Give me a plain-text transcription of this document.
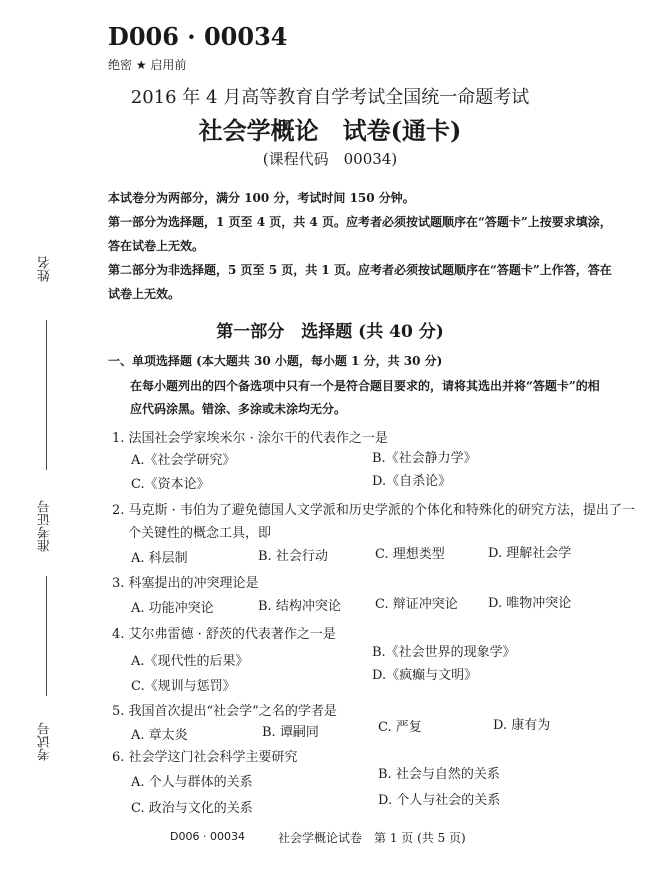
D006 · 00034
绝密 ★ 启用前
2016 年 4 月高等教育自学考试全国统一命题考试
社会学概论　试卷(通卡)
(课程代码　00034)
本试卷分为两部分，满分 100 分，考试时间 150 分钟。
第一部分为选择题，1 页至 4 页，共 4 页。应考者必须按试题顺序在“答题卡”上按要求填涂，
答在试卷上无效。
第二部分为非选择题，5 页至 5 页，共 1 页。应考者必须按试题顺序在“答题卡”上作答，答在
试卷上无效。
第一部分　选择题 (共 40 分)
一、单项选择题 (本大题共 30 小题，每小题 1 分，共 30 分)
在每小题列出的四个备选项中只有一个是符合题目要求的，请将其选出并将“答题卡”的相
应代码涂黑。错涂、多涂或未涂均无分。
1. 法国社会学家埃米尔 · 涂尔干的代表作之一是
A.《社会学研究》	B.《社会静力学》
C.《资本论》	D.《自杀论》
2. 马克斯 · 韦伯为了避免德国人文学派和历史学派的个体化和特殊化的研究方法，提出了一
个关键性的概念工具，即
A. 科层制	B. 社会行动	C. 理想类型	D. 理解社会学
3. 科塞提出的冲突理论是
A. 功能冲突论	B. 结构冲突论	C. 辩证冲突论 D. 唯物冲突论
4. 艾尔弗雷德 · 舒茨的代表著作之一是
A.《现代性的后果》
B.《社会世界的现象学》
C.《规训与惩罚》
D.《疯癫与文明》
5. 我国首次提出“社会学”之名的学者是
A. 章太炎	B. 谭嗣同	C. 严复	D. 康有为
6. 社会学这门社会科学主要研究
A. 个人与群体的关系
B. 社会与自然的关系
C. 政治与文化的关系
D. 个人与社会的关系
D006 · 00034	社会学概论试卷　第 1 页 (共 5 页)
姓名
准考证号
考试号
